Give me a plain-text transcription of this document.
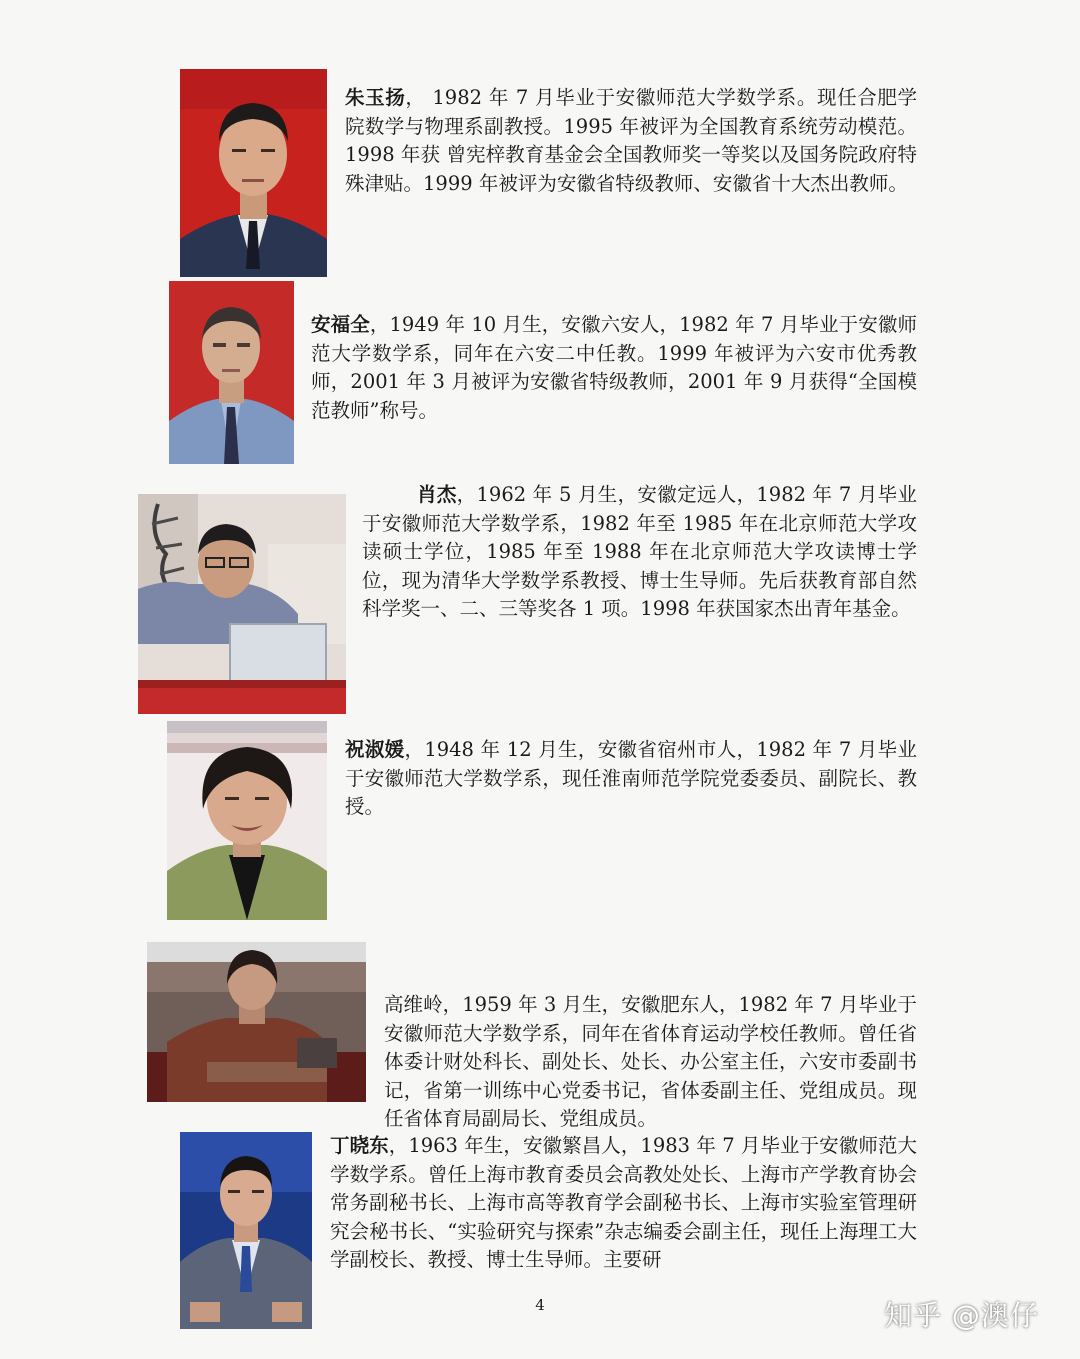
朱玉扬， 1982 年 7 月毕业于安徽师范大学数学系。现任合肥学院数学与物理系副教授。1995 年被评为全国教育系统劳动模范。1998 年获 曾宪梓教育基金会全国教师奖一等奖以及国务院政府特殊津贴。1999 年被评为安徽省特级教师、安徽省十大杰出教师。

安福全，1949 年 10 月生，安徽六安人，1982 年 7 月毕业于安徽师范大学数学系，同年在六安二中任教。1999 年被评为六安市优秀教师，2001 年 3 月被评为安徽省特级教师，2001 年 9 月获得“全国模范教师”称号。

肖杰，1962 年 5 月生，安徽定远人，1982 年 7 月毕业于安徽师范大学数学系，1982 年至 1985 年在北京师范大学攻读硕士学位，1985 年至 1988 年在北京师范大学攻读博士学位，现为清华大学数学系教授、博士生导师。先后获教育部自然科学奖一、二、三等奖各 1 项。1998 年获国家杰出青年基金。

祝淑媛，1948 年 12 月生，安徽省宿州市人，1982 年 7 月毕业于安徽师范大学数学系，现任淮南师范学院党委委员、副院长、教授。

高维岭，1959 年 3 月生，安徽肥东人，1982 年 7 月毕业于安徽师范大学数学系，同年在省体育运动学校任教师。曾任省体委计财处科长、副处长、处长、办公室主任，六安市委副书记，省第一训练中心党委书记，省体委副主任、党组成员。现任省体育局副局长、党组成员。

丁晓东，1963 年生，安徽繁昌人，1983 年 7 月毕业于安徽师范大学数学系。曾任上海市教育委员会高教处处长、上海市产学教育协会常务副秘书长、上海市高等教育学会副秘书长、上海市实验室管理研究会秘书长、“实验研究与探索”杂志编委会副主任，现任上海理工大学副校长、教授、博士生导师。主要研

4	知乎 @澳仔
